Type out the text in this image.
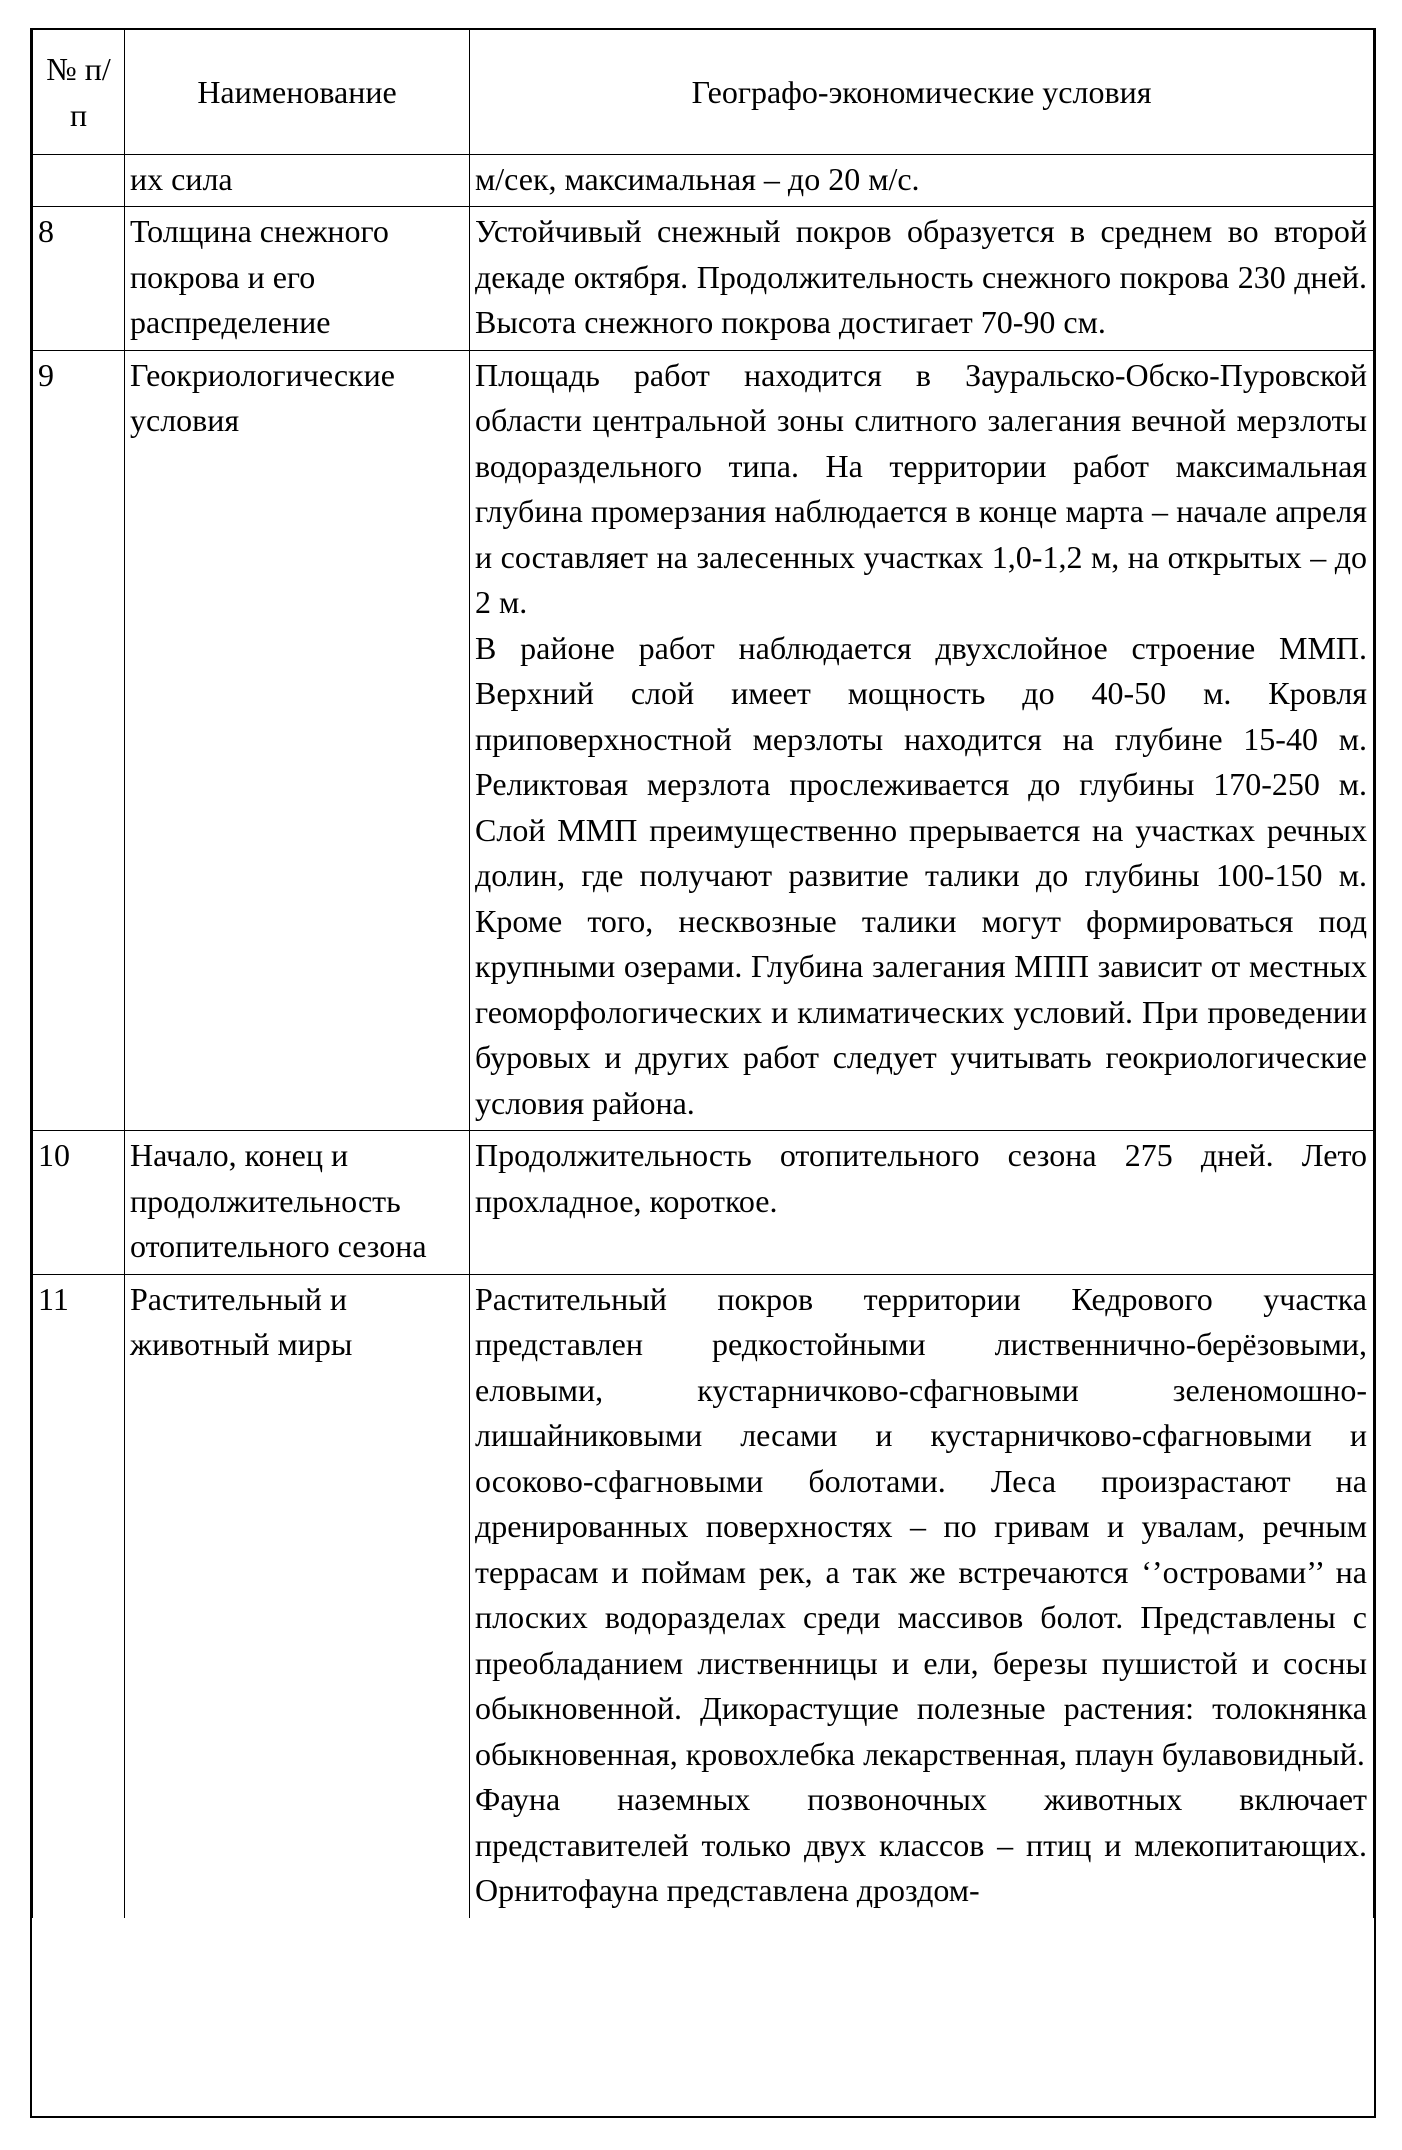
№ п/п	Наименование	Географо-экономические условия
	их сила	м/сек, максимальная – до 20 м/с.

8	Толщина снежного покрова и его распределение	Устойчивый снежный покров образуется в среднем во второй декаде октября. Продолжительность снежного покрова 230 дней. Высота снежного покрова достигает 70-90 см.

9	Геокриологические условия	Площадь работ находится в Зауральско-Обско-Пуровской области центральной зоны слитного залегания вечной мерзлоты водораздельного типа. На территории работ максимальная глубина промерзания наблюдается в конце марта – начале апреля и составляет на залесенных участках 1,0-1,2 м, на открытых – до 2 м.

В районе работ наблюдается двухслойное строение ММП. Верхний слой имеет мощность до 40-50 м. Кровля приповерхностной мерзлоты находится на глубине 15-40 м. Реликтовая мерзлота прослеживается до глубины 170-250 м. Слой ММП преимущественно прерывается на участках речных долин, где получают развитие талики до глубины 100-150 м. Кроме того, несквозные талики могут формироваться под крупными озерами. Глубина залегания МПП зависит от местных геоморфологических и климатических условий. При проведении буровых и других работ следует учитывать геокриологические условия района.

10	Начало, конец и продолжительность отопительного сезона	Продолжительность отопительного сезона 275 дней. Лето прохладное, короткое.

11	Растительный и животный миры	Растительный покров территории Кедрового участка представлен редкостойными лиственнично-берёзовыми, еловыми, кустарничково-сфагновыми зеленомошно-лишайниковыми лесами и кустарничково-сфагновыми и осоково-сфагновыми болотами. Леса произрастают на дренированных поверхностях – по гривам и увалам, речным террасам и поймам рек, а так же встречаются ‘’островами’’ на плоских водоразделах среди массивов болот. Представлены с преобладанием лиственницы и ели, березы пушистой и сосны обыкновенной. Дикорастущие полезные растения: толокнянка обыкновенная, кровохлебка лекарственная, плаун булавовидный.

Фауна наземных позвоночных животных включает представителей только двух классов – птиц и млекопитающих. Орнитофауна представлена дроздом-
